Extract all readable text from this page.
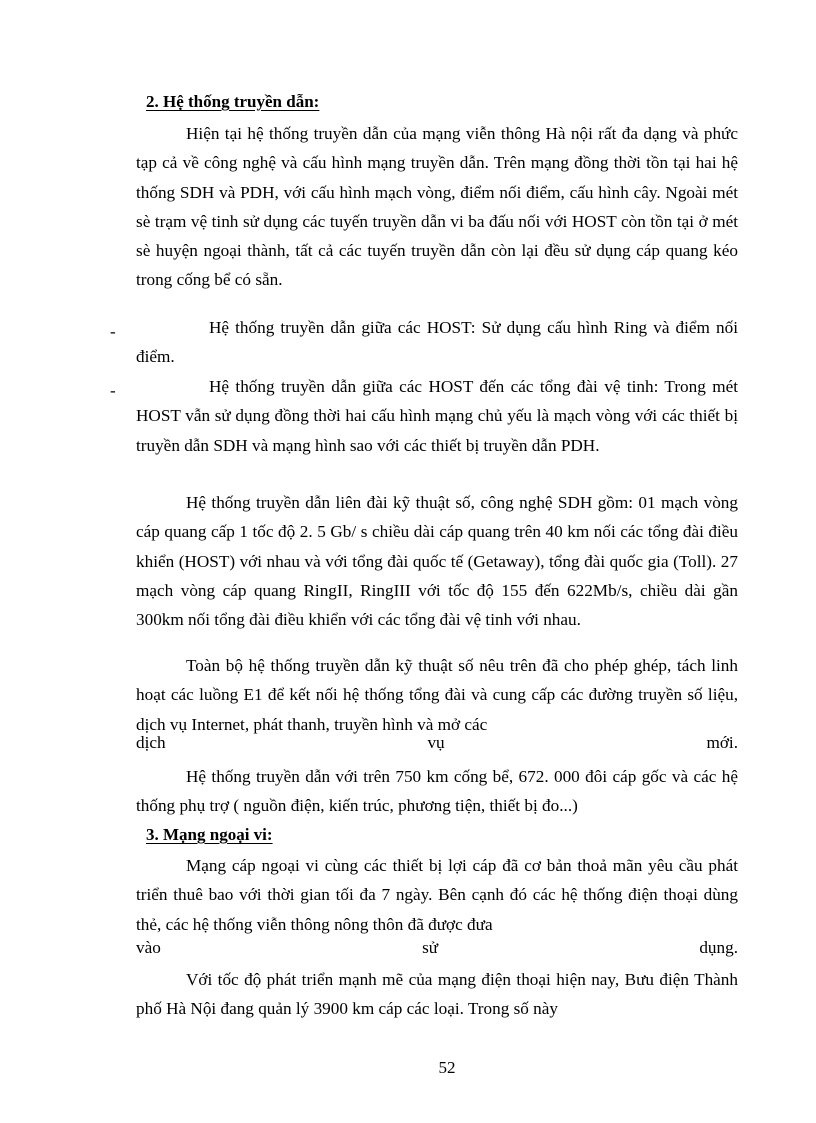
2. Hệ thống truyền dẫn:

Hiện tại hệ thống truyền dẫn của mạng viễn thông Hà nội rất đa dạng và phức tạp cả về công nghệ và cấu hình mạng truyền dẫn. Trên mạng đồng thời tồn tại hai hệ thống SDH và PDH, với cấu hình mạch vòng, điểm nối điểm, cấu hình cây. Ngoài mét sè trạm vệ tinh sử dụng các tuyến truyền dẫn vi ba đấu nối với HOST còn tồn tại ở mét sè huyện ngoại thành, tất cả các tuyến truyền dẫn còn lại đều sử dụng cáp quang kéo trong cống bể có sẵn.

-	Hệ thống truyền dẫn giữa các HOST: Sử dụng cấu hình Ring và điểm nối điểm.

-	Hệ thống truyền dẫn giữa các HOST đến các tổng đài vệ tinh: Trong mét HOST vẫn sử dụng đồng thời hai cấu hình mạng chủ yếu là mạch vòng với các thiết bị truyền dẫn SDH và mạng hình sao với các thiết bị truyền dẫn PDH.

Hệ thống truyền dẫn liên đài kỹ thuật số, công nghệ SDH gồm: 01 mạch vòng cáp quang cấp 1 tốc độ 2. 5 Gb/ s chiều dài cáp quang trên 40 km nối các tổng đài điều khiển (HOST) với nhau và với tổng đài quốc tế (Getaway), tổng đài quốc gia (Toll). 27 mạch vòng cáp quang RingII, RingIII với tốc độ 155 đến 622Mb/s, chiều dài gần 300km nối tổng đài điều khiển với các tổng đài vệ tinh với nhau.

Toàn bộ hệ thống truyền dẫn kỹ thuật số nêu trên đã cho phép ghép, tách linh hoạt các luồng E1 để kết nối hệ thống tổng đài và cung cấp các đường truyền số liệu, dịch vụ Internet, phát thanh, truyền hình và mở các

dịch	vụ	mới.

Hệ thống truyền dẫn với trên 750 km cống bể, 672. 000 đôi cáp gốc và các hệ thống phụ trợ ( nguồn điện, kiến trúc, phương tiện, thiết bị đo...)

3. Mạng ngoại vi:

Mạng cáp ngoại vi cùng các thiết bị lợi cáp đã cơ bản thoả mãn yêu cầu phát triển thuê bao với thời gian tối đa 7 ngày. Bên cạnh đó các hệ thống điện thoại dùng thẻ, các hệ thống viễn thông nông thôn đã được đưa

vào	sử	dụng.

Với tốc độ phát triển mạnh mẽ của mạng điện thoại hiện nay, Bưu điện Thành phố Hà Nội đang quản lý 3900 km cáp các loại. Trong số này

52
